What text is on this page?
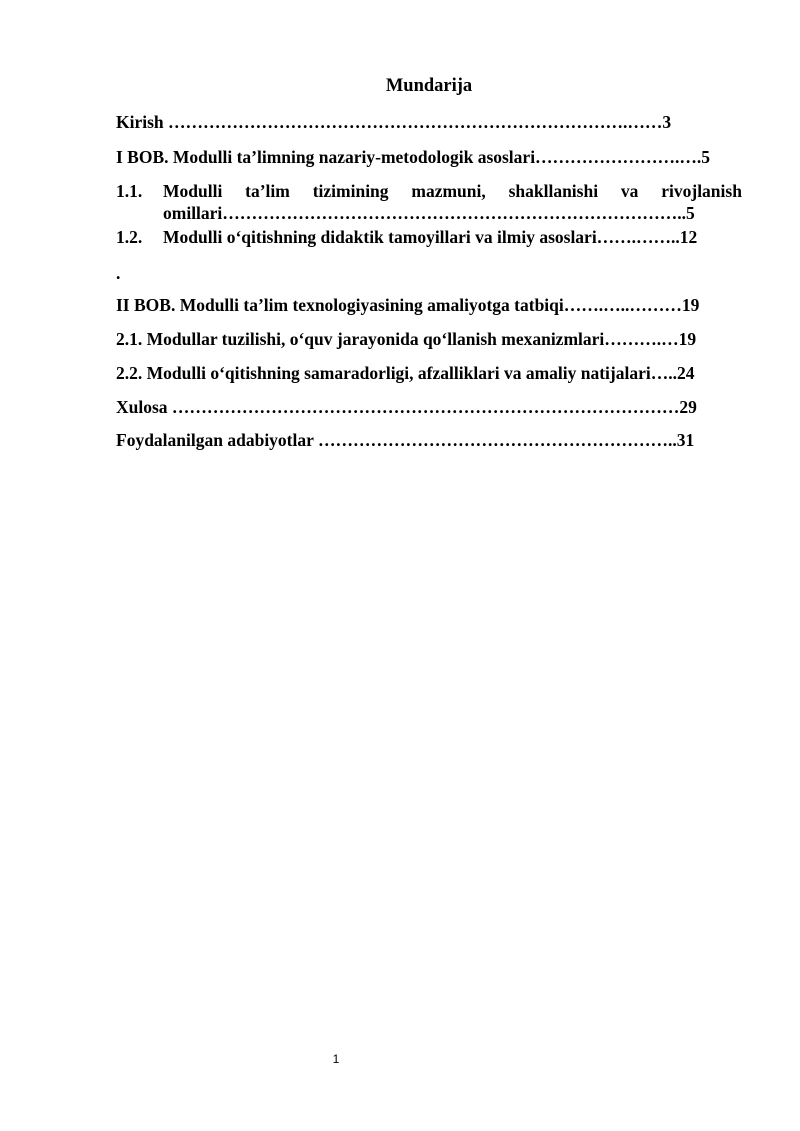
Mundarija
Kirish …………………………………………………………………….……3
I BOB. Modulli ta’limning nazariy-metodologik asoslari…………………….….5
1.1.	Modulli ta’lim tizimining mazmuni, shakllanishi va rivojlanish
omillari……………………………………………………………………..5
1.2. Modulli o‘qitishning didaktik tamoyillari va ilmiy asoslari…….……..12
.
II BOB. Modulli ta’lim texnologiyasining amaliyotga tatbiqi…….…..………19
2.1. Modullar tuzilishi, o‘quv jarayonida qo‘llanish mexanizmlari……….…19
2.2. Modulli o‘qitishning samaradorligi, afzalliklari va amaliy natijalari…..24
Xulosa ……………………………………………………………………………29
Foydalanilgan adabiyotlar ……………………………………………………..31
1
